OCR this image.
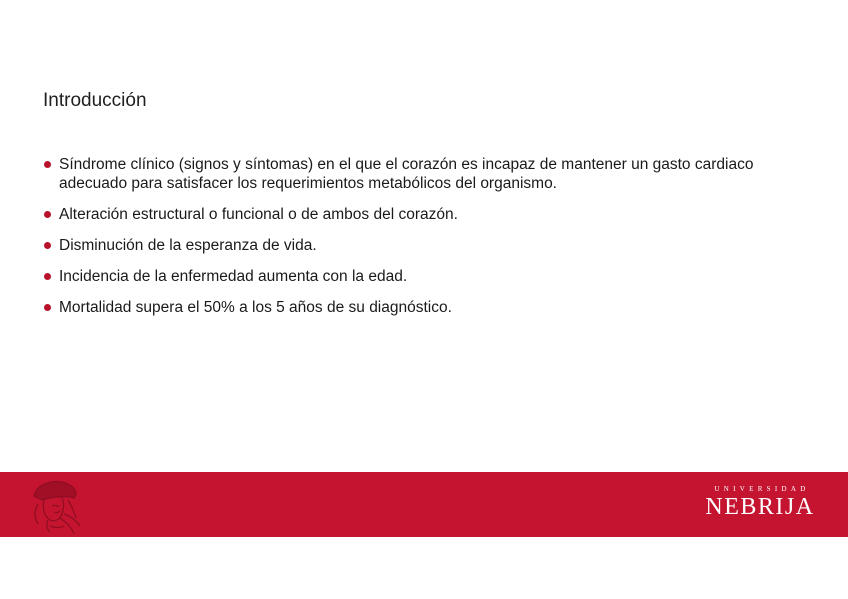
Introducción
Síndrome clínico (signos y síntomas) en el que el corazón es incapaz de mantener un gasto cardiaco adecuado para satisfacer los requerimientos metabólicos del organismo.
Alteración estructural o funcional o de ambos del corazón.
Disminución de la esperanza de vida.
Incidencia de la enfermedad aumenta con la edad.
Mortalidad supera el 50% a los 5 años de su diagnóstico.
UNIVERSIDAD
NEBRIJA
